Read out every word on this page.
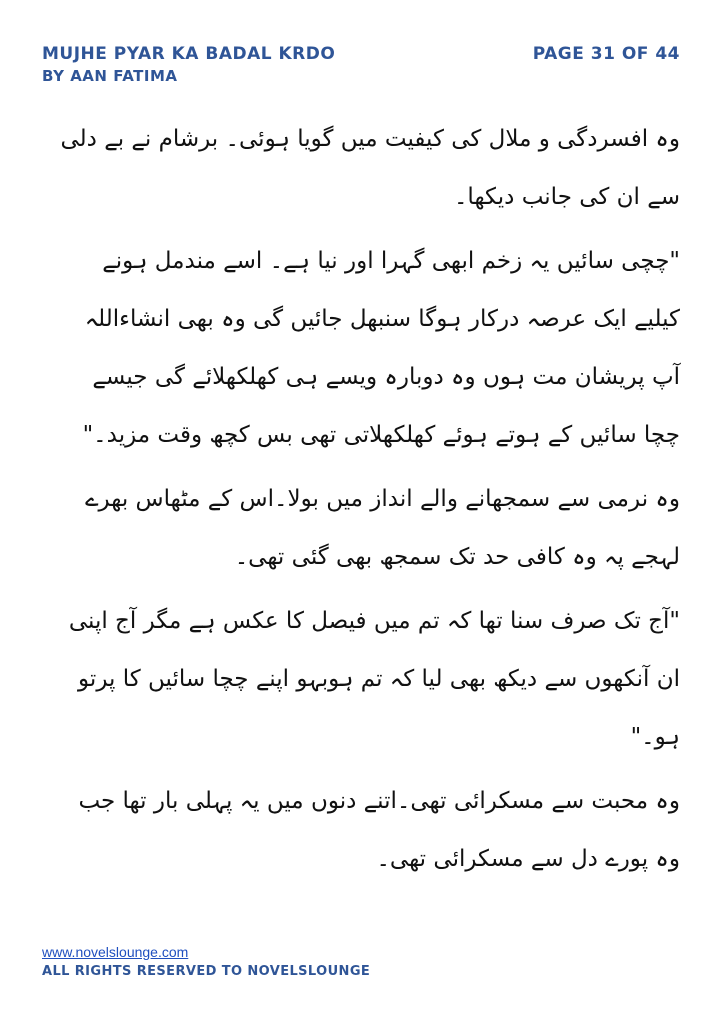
MUJHE PYAR KA BADAL KRDO	PAGE 31 OF 44
BY AAN FATIMA

وہ افسردگی و ملال کی کیفیت میں گویا ہوئی۔ برشام نے بے دلی سے ان کی جانب دیکھا۔

"چچی سائیں یہ زخم ابھی گہرا اور نیا ہے۔ اسے مندمل ہونے کیلیے ایک عرصہ درکار ہوگا سنبھل جائیں گی وہ بھی انشاءاللہ آپ پریشان مت ہوں وہ دوبارہ ویسے ہی کھلکھلائے گی جیسے چچا سائیں کے ہوتے ہوئے کھلکھلاتی تھی بس کچھ وقت مزید۔"

وہ نرمی سے سمجھانے والے انداز میں بولا۔اس کے مٹھاس بھرے لہجے پہ وہ کافی حد تک سمجھ بھی گئی تھی۔

"آج تک صرف سنا تھا کہ تم میں فیصل کا عکس ہے مگر آج اپنی ان آنکھوں سے دیکھ بھی لیا کہ تم ہوبہو اپنے چچا سائیں کا پرتو ہو۔"

وہ محبت سے مسکرائی تھی۔اتنے دنوں میں یہ پہلی بار تھا جب وہ پورے دل سے مسکرائی تھی۔

www.novelslounge.com
ALL RIGHTS RESERVED TO NOVELSLOUNGE
